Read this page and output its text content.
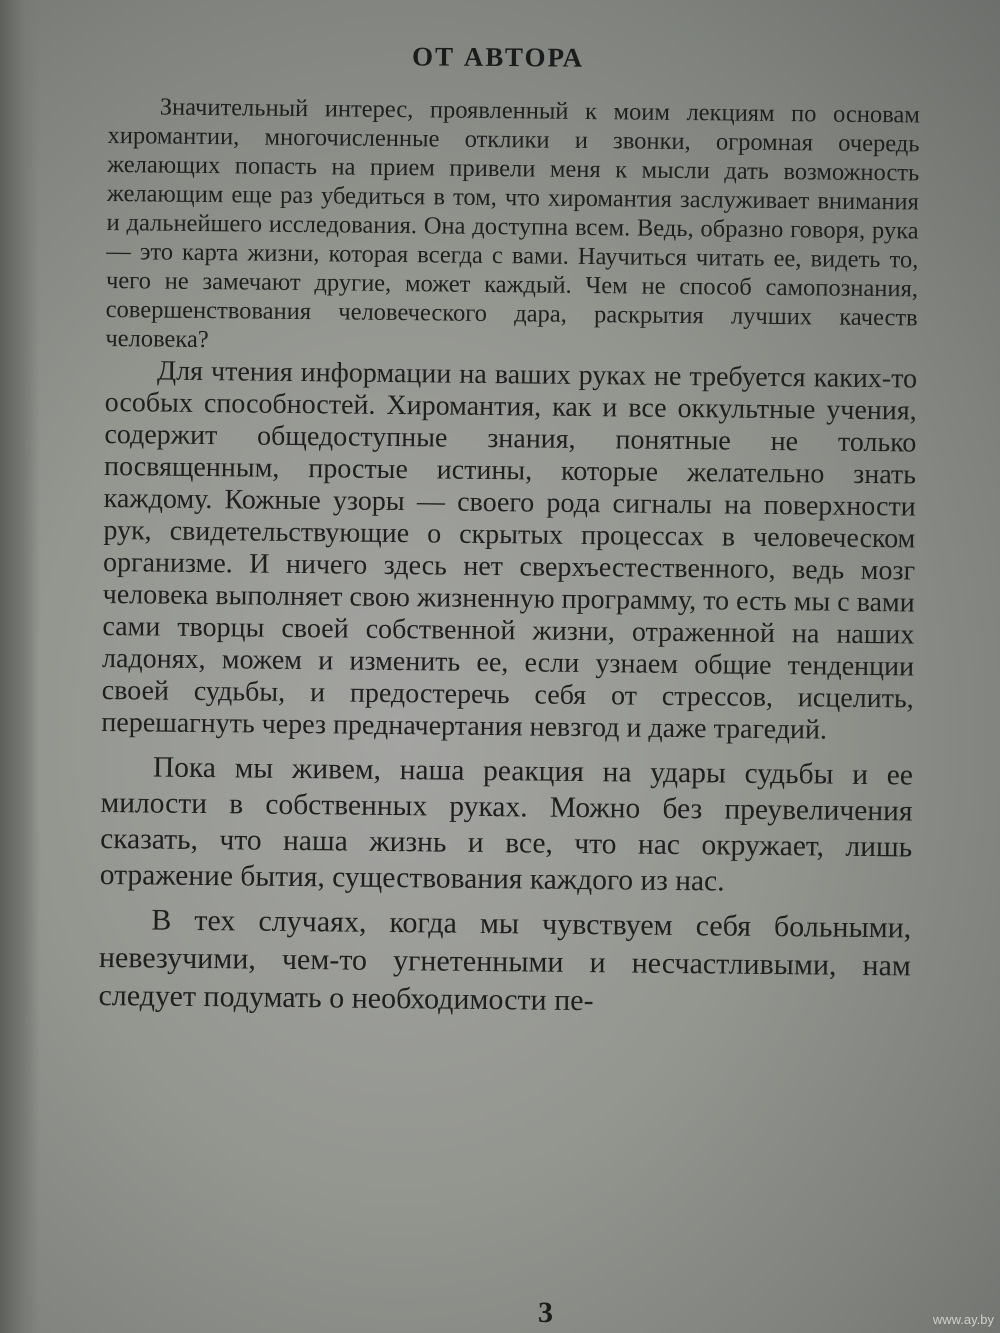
ОТ АВТОРА

Значительный интерес, проявленный к моим лекциям по основам хиромантии, многочисленные отклики и звонки, огромная очередь желающих попасть на прием привели меня к мысли дать возможность желающим еще раз убедиться в том, что хиромантия заслуживает внимания и дальнейшего исследования. Она доступна всем. Ведь, образно говоря, рука — это карта жизни, которая всегда с вами. Научиться читать ее, видеть то, чего не замечают другие, может каждый. Чем не способ самопознания, совершенствования человеческого дара, раскрытия лучших качеств человека?

Для чтения информации на ваших руках не требуется каких-то особых способностей. Хиромантия, как и все оккультные учения, содержит общедоступные знания, понятные не только посвященным, простые истины, которые желательно знать каждому. Кожные узоры — своего рода сигналы на поверхности рук, свидетельствующие о скрытых процессах в человеческом организме. И ничего здесь нет сверхъестественного, ведь мозг человека выполняет свою жизненную программу, то есть мы с вами сами творцы своей собственной жизни, отраженной на наших ладонях, можем и изменить ее, если узнаем общие тенденции своей судьбы, и предостеречь себя от стрессов, исцелить, перешагнуть через предначертания невзгод и даже трагедий.

Пока мы живем, наша реакция на удары судьбы и ее милости в собственных руках. Можно без преувеличения сказать, что наша жизнь и все, что нас окружает, лишь отражение бытия, существования каждого из нас.

В тех случаях, когда мы чувствуем себя больными, невезучими, чем-то угнетенными и несчастливыми, нам следует подумать о необходимости пе-

3	www.ay.by
